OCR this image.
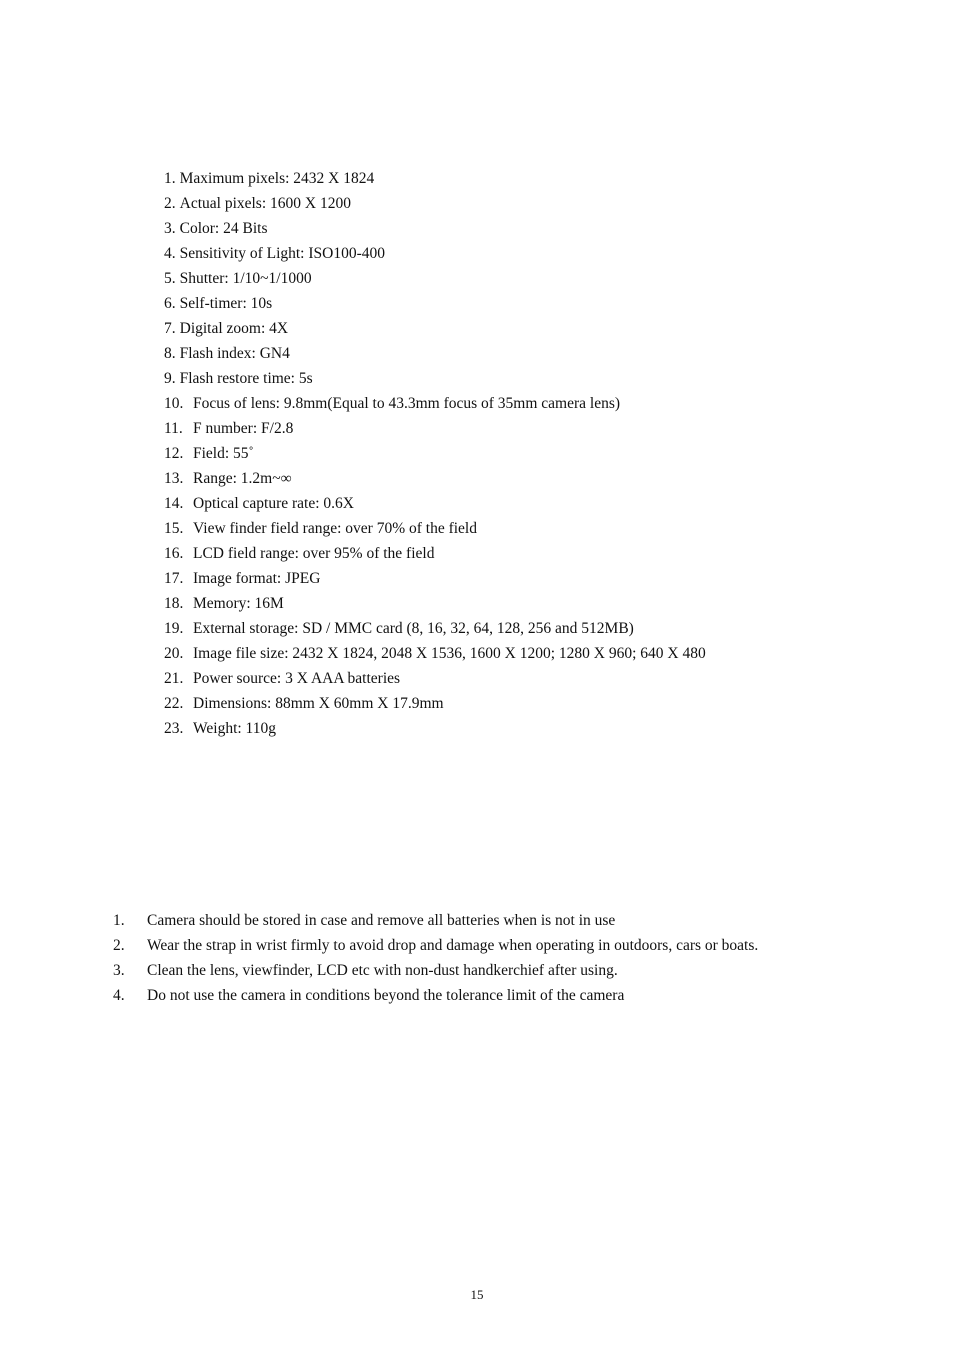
1. Maximum pixels: 2432 X 1824
2. Actual pixels: 1600 X 1200
3. Color: 24 Bits
4. Sensitivity of Light: ISO100-400
5. Shutter: 1/10~1/1000
6. Self-timer: 10s
7. Digital zoom: 4X
8. Flash index: GN4
9. Flash restore time: 5s
10. Focus of lens: 9.8mm(Equal to 43.3mm focus of 35mm camera lens)
11. F number: F/2.8
12. Field: 55˚
13. Range: 1.2m~∞
14. Optical capture rate: 0.6X
15. View finder field range: over 70% of the field
16. LCD field range: over 95% of the field
17. Image format: JPEG
18. Memory: 16M
19. External storage: SD / MMC card (8, 16, 32, 64, 128, 256 and 512MB)
20. Image file size: 2432 X 1824, 2048 X 1536, 1600 X 1200; 1280 X 960; 640 X 480
21. Power source: 3 X AAA batteries
22. Dimensions: 88mm X 60mm X 17.9mm
23. Weight: 110g
1. Camera should be stored in case and remove all batteries when is not in use
2. Wear the strap in wrist firmly to avoid drop and damage when operating in outdoors, cars or boats.
3. Clean the lens, viewfinder, LCD etc with non-dust handkerchief after using.
4. Do not use the camera in conditions beyond the tolerance limit of the camera
15
